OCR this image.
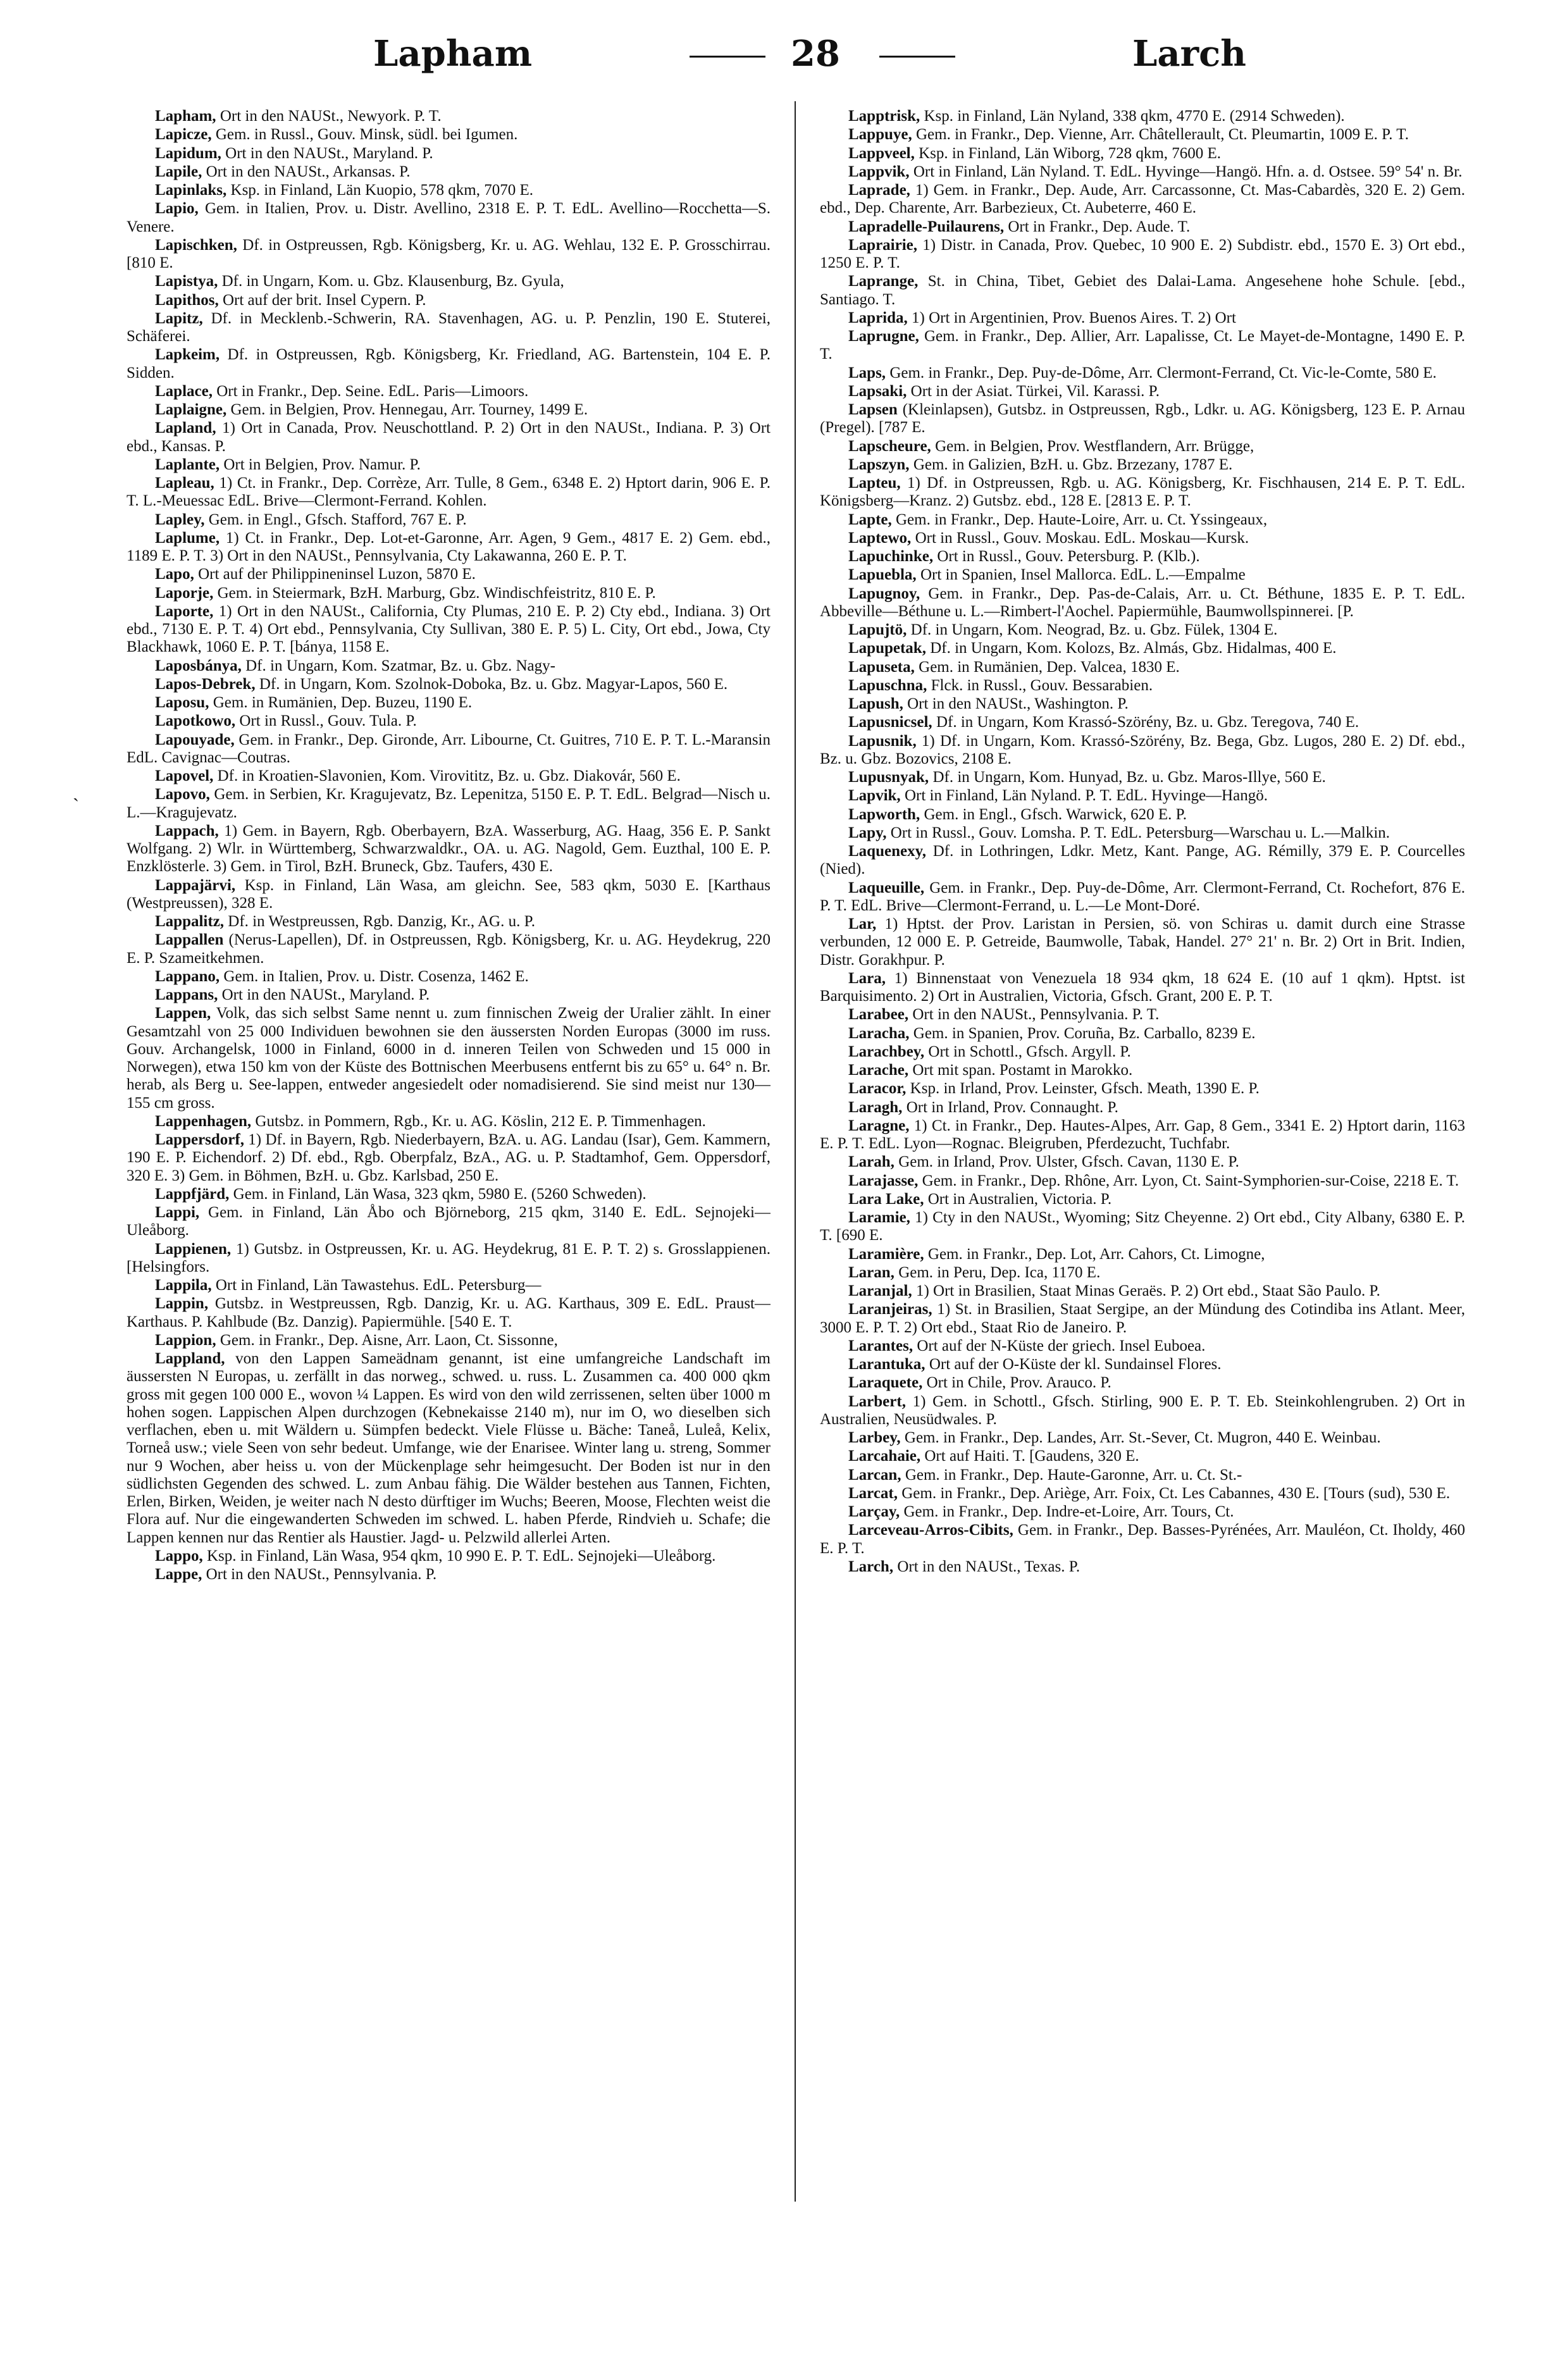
Lapham	28	Larch
ˎ

Lapham, Ort in den NAUSt., Newyork. P. T.

Lapicze, Gem. in Russl., Gouv. Minsk, südl. bei Igumen.

Lapidum, Ort in den NAUSt., Maryland. P.

Lapile, Ort in den NAUSt., Arkansas. P.

Lapinlaks, Ksp. in Finland, Län Kuopio, 578 qkm, 7070 E.

Lapio, Gem. in Italien, Prov. u. Distr. Avellino, 2318 E. P. T. EdL. Avellino—Rocchetta—S. Venere.

Lapischken, Df. in Ostpreussen, Rgb. Königsberg, Kr. u. AG. Wehlau, 132 E. P. Grosschirrau. [810 E.

Lapistya, Df. in Ungarn, Kom. u. Gbz. Klausenburg, Bz. Gyula,

Lapithos, Ort auf der brit. Insel Cypern. P.

Lapitz, Df. in Mecklenb.-Schwerin, RA. Stavenhagen, AG. u. P. Penzlin, 190 E. Stuterei, Schäferei.

Lapkeim, Df. in Ostpreussen, Rgb. Königsberg, Kr. Friedland, AG. Bartenstein, 104 E. P. Sidden.

Laplace, Ort in Frankr., Dep. Seine. EdL. Paris—Limoors.

Laplaigne, Gem. in Belgien, Prov. Hennegau, Arr. Tourney, 1499 E.

Lapland, 1) Ort in Canada, Prov. Neuschottland. P. 2) Ort in den NAUSt., Indiana. P. 3) Ort ebd., Kansas. P.

Laplante, Ort in Belgien, Prov. Namur. P.

Lapleau, 1) Ct. in Frankr., Dep. Corrèze, Arr. Tulle, 8 Gem., 6348 E. 2) Hptort darin, 906 E. P. T. L.-Meuessac EdL. Brive—Clermont-Ferrand. Kohlen.

Lapley, Gem. in Engl., Gfsch. Stafford, 767 E. P.

Laplume, 1) Ct. in Frankr., Dep. Lot-et-Garonne, Arr. Agen, 9 Gem., 4817 E. 2) Gem. ebd., 1189 E. P. T. 3) Ort in den NAUSt., Pennsylvania, Cty Lakawanna, 260 E. P. T.

Lapo, Ort auf der Philippineninsel Luzon, 5870 E.

Laporje, Gem. in Steiermark, BzH. Marburg, Gbz. Windischfeistritz, 810 E. P.

Laporte, 1) Ort in den NAUSt., California, Cty Plumas, 210 E. P. 2) Cty ebd., Indiana. 3) Ort ebd., 7130 E. P. T. 4) Ort ebd., Pennsylvania, Cty Sullivan, 380 E. P. 5) L. City, Ort ebd., Jowa, Cty Blackhawk, 1060 E. P. T. [bánya, 1158 E.

Laposbánya, Df. in Ungarn, Kom. Szatmar, Bz. u. Gbz. Nagy-

Lapos-Debrek, Df. in Ungarn, Kom. Szolnok-Doboka, Bz. u. Gbz. Magyar-Lapos, 560 E.

Laposu, Gem. in Rumänien, Dep. Buzeu, 1190 E.

Lapotkowo, Ort in Russl., Gouv. Tula. P.

Lapouyade, Gem. in Frankr., Dep. Gironde, Arr. Libourne, Ct. Guitres, 710 E. P. T. L.-Maransin EdL. Cavignac—Coutras.

Lapovel, Df. in Kroatien-Slavonien, Kom. Virovititz, Bz. u. Gbz. Diakovár, 560 E.

Lapovo, Gem. in Serbien, Kr. Kragujevatz, Bz. Lepenitza, 5150 E. P. T. EdL. Belgrad—Nisch u. L.—Kragujevatz.

Lappach, 1) Gem. in Bayern, Rgb. Oberbayern, BzA. Wasserburg, AG. Haag, 356 E. P. Sankt Wolfgang. 2) Wlr. in Württemberg, Schwarzwaldkr., OA. u. AG. Nagold, Gem. Euzthal, 100 E. P. Enzklösterle. 3) Gem. in Tirol, BzH. Bruneck, Gbz. Taufers, 430 E.

Lappajärvi, Ksp. in Finland, Län Wasa, am gleichn. See, 583 qkm, 5030 E. [Karthaus (Westpreussen), 328 E.

Lappalitz, Df. in Westpreussen, Rgb. Danzig, Kr., AG. u. P.

Lappallen (Nerus-Lapellen), Df. in Ostpreussen, Rgb. Königsberg, Kr. u. AG. Heydekrug, 220 E. P. Szameitkehmen.

Lappano, Gem. in Italien, Prov. u. Distr. Cosenza, 1462 E.

Lappans, Ort in den NAUSt., Maryland. P.

Lappen, Volk, das sich selbst Same nennt u. zum finnischen Zweig der Uralier zählt. In einer Gesamtzahl von 25 000 Individuen bewohnen sie den äussersten Norden Europas (3000 im russ. Gouv. Archangelsk, 1000 in Finland, 6000 in d. inneren Teilen von Schweden und 15 000 in Norwegen), etwa 150 km von der Küste des Bottnischen Meerbusens entfernt bis zu 65° u. 64° n. Br. herab, als Berg u. See-lappen, entweder angesiedelt oder nomadisierend. Sie sind meist nur 130—155 cm gross.

Lappenhagen, Gutsbz. in Pommern, Rgb., Kr. u. AG. Köslin, 212 E. P. Timmenhagen.

Lappersdorf, 1) Df. in Bayern, Rgb. Niederbayern, BzA. u. AG. Landau (Isar), Gem. Kammern, 190 E. P. Eichendorf. 2) Df. ebd., Rgb. Oberpfalz, BzA., AG. u. P. Stadtamhof, Gem. Oppersdorf, 320 E. 3) Gem. in Böhmen, BzH. u. Gbz. Karlsbad, 250 E.

Lappfjärd, Gem. in Finland, Län Wasa, 323 qkm, 5980 E. (5260 Schweden).

Lappi, Gem. in Finland, Län Åbo och Björneborg, 215 qkm, 3140 E. EdL. Sejnojeki—Uleåborg.

Lappienen, 1) Gutsbz. in Ostpreussen, Kr. u. AG. Heydekrug, 81 E. P. T. 2) s. Grosslappienen. [Helsingfors.

Lappila, Ort in Finland, Län Tawastehus. EdL. Petersburg—

Lappin, Gutsbz. in Westpreussen, Rgb. Danzig, Kr. u. AG. Karthaus, 309 E. EdL. Praust—Karthaus. P. Kahlbude (Bz. Danzig). Papiermühle. [540 E. T.

Lappion, Gem. in Frankr., Dep. Aisne, Arr. Laon, Ct. Sissonne,

Lappland, von den Lappen Sameädnam genannt, ist eine umfangreiche Landschaft im äussersten N Europas, u. zerfällt in das norweg., schwed. u. russ. L. Zusammen ca. 400 000 qkm gross mit gegen 100 000 E., wovon ¼ Lappen. Es wird von den wild zerrissenen, selten über 1000 m hohen sogen. Lappischen Alpen durchzogen (Kebnekaisse 2140 m), nur im O, wo dieselben sich verflachen, eben u. mit Wäldern u. Sümpfen bedeckt. Viele Flüsse u. Bäche: Taneå, Luleå, Kelix, Torneå usw.; viele Seen von sehr bedeut. Umfange, wie der Enarisee. Winter lang u. streng, Sommer nur 9 Wochen, aber heiss u. von der Mückenplage sehr heimgesucht. Der Boden ist nur in den südlichsten Gegenden des schwed. L. zum Anbau fähig. Die Wälder bestehen aus Tannen, Fichten, Erlen, Birken, Weiden, je weiter nach N desto dürftiger im Wuchs; Beeren, Moose, Flechten weist die Flora auf. Nur die eingewanderten Schweden im schwed. L. haben Pferde, Rindvieh u. Schafe; die Lappen kennen nur das Rentier als Haustier. Jagd- u. Pelzwild allerlei Arten.

Lappo, Ksp. in Finland, Län Wasa, 954 qkm, 10 990 E. P. T. EdL. Sejnojeki—Uleåborg.

Lappe, Ort in den NAUSt., Pennsylvania. P.

Lapptrisk, Ksp. in Finland, Län Nyland, 338 qkm, 4770 E. (2914 Schweden).

Lappuye, Gem. in Frankr., Dep. Vienne, Arr. Châtellerault, Ct. Pleumartin, 1009 E. P. T.

Lappveel, Ksp. in Finland, Län Wiborg, 728 qkm, 7600 E.

Lappvik, Ort in Finland, Län Nyland. T. EdL. Hyvinge—Hangö. Hfn. a. d. Ostsee. 59° 54' n. Br.

Laprade, 1) Gem. in Frankr., Dep. Aude, Arr. Carcassonne, Ct. Mas-Cabardès, 320 E. 2) Gem. ebd., Dep. Charente, Arr. Barbezieux, Ct. Aubeterre, 460 E.

Lapradelle-Puilaurens, Ort in Frankr., Dep. Aude. T.

Laprairie, 1) Distr. in Canada, Prov. Quebec, 10 900 E. 2) Subdistr. ebd., 1570 E. 3) Ort ebd., 1250 E. P. T.

Laprange, St. in China, Tibet, Gebiet des Dalai-Lama. Angesehene hohe Schule. [ebd., Santiago. T.

Laprida, 1) Ort in Argentinien, Prov. Buenos Aires. T. 2) Ort

Laprugne, Gem. in Frankr., Dep. Allier, Arr. Lapalisse, Ct. Le Mayet-de-Montagne, 1490 E. P. T.

Laps, Gem. in Frankr., Dep. Puy-de-Dôme, Arr. Clermont-Ferrand, Ct. Vic-le-Comte, 580 E.

Lapsaki, Ort in der Asiat. Türkei, Vil. Karassi. P.

Lapsen (Kleinlapsen), Gutsbz. in Ostpreussen, Rgb., Ldkr. u. AG. Königsberg, 123 E. P. Arnau (Pregel). [787 E.

Lapscheure, Gem. in Belgien, Prov. Westflandern, Arr. Brügge,

Lapszyn, Gem. in Galizien, BzH. u. Gbz. Brzezany, 1787 E.

Lapteu, 1) Df. in Ostpreussen, Rgb. u. AG. Königsberg, Kr. Fischhausen, 214 E. P. T. EdL. Königsberg—Kranz. 2) Gutsbz. ebd., 128 E. [2813 E. P. T.

Lapte, Gem. in Frankr., Dep. Haute-Loire, Arr. u. Ct. Yssingeaux,

Laptewo, Ort in Russl., Gouv. Moskau. EdL. Moskau—Kursk.

Lapuchinke, Ort in Russl., Gouv. Petersburg. P. (Klb.).

Lapuebla, Ort in Spanien, Insel Mallorca. EdL. L.—Empalme

Lapugnoy, Gem. in Frankr., Dep. Pas-de-Calais, Arr. u. Ct. Béthune, 1835 E. P. T. EdL. Abbeville—Béthune u. L.—Rimbert-l'Aochel. Papiermühle, Baumwollspinnerei. [P.

Lapujtö, Df. in Ungarn, Kom. Neograd, Bz. u. Gbz. Fülek, 1304 E.

Lapupetak, Df. in Ungarn, Kom. Kolozs, Bz. Almás, Gbz. Hidalmas, 400 E.

Lapuseta, Gem. in Rumänien, Dep. Valcea, 1830 E.

Lapuschna, Flck. in Russl., Gouv. Bessarabien.

Lapush, Ort in den NAUSt., Washington. P.

Lapusnicsel, Df. in Ungarn, Kom Krassó-Szörény, Bz. u. Gbz. Teregova, 740 E.

Lapusnik, 1) Df. in Ungarn, Kom. Krassó-Szörény, Bz. Bega, Gbz. Lugos, 280 E. 2) Df. ebd., Bz. u. Gbz. Bozovics, 2108 E.

Lupusnyak, Df. in Ungarn, Kom. Hunyad, Bz. u. Gbz. Maros-Illye, 560 E.

Lapvik, Ort in Finland, Län Nyland. P. T. EdL. Hyvinge—Hangö.

Lapworth, Gem. in Engl., Gfsch. Warwick, 620 E. P.

Lapy, Ort in Russl., Gouv. Lomsha. P. T. EdL. Petersburg—Warschau u. L.—Malkin.

Laquenexy, Df. in Lothringen, Ldkr. Metz, Kant. Pange, AG. Rémilly, 379 E. P. Courcelles (Nied).

Laqueuille, Gem. in Frankr., Dep. Puy-de-Dôme, Arr. Clermont-Ferrand, Ct. Rochefort, 876 E. P. T. EdL. Brive—Clermont-Ferrand, u. L.—Le Mont-Doré.

Lar, 1) Hptst. der Prov. Laristan in Persien, sö. von Schiras u. damit durch eine Strasse verbunden, 12 000 E. P. Getreide, Baumwolle, Tabak, Handel. 27° 21' n. Br. 2) Ort in Brit. Indien, Distr. Gorakhpur. P.

Lara, 1) Binnenstaat von Venezuela 18 934 qkm, 18 624 E. (10 auf 1 qkm). Hptst. ist Barquisimento. 2) Ort in Australien, Victoria, Gfsch. Grant, 200 E. P. T.

Larabee, Ort in den NAUSt., Pennsylvania. P. T.

Laracha, Gem. in Spanien, Prov. Coruña, Bz. Carballo, 8239 E.

Larachbey, Ort in Schottl., Gfsch. Argyll. P.

Larache, Ort mit span. Postamt in Marokko.

Laracor, Ksp. in Irland, Prov. Leinster, Gfsch. Meath, 1390 E. P.

Laragh, Ort in Irland, Prov. Connaught. P.

Laragne, 1) Ct. in Frankr., Dep. Hautes-Alpes, Arr. Gap, 8 Gem., 3341 E. 2) Hptort darin, 1163 E. P. T. EdL. Lyon—Rognac. Bleigruben, Pferdezucht, Tuchfabr.

Larah, Gem. in Irland, Prov. Ulster, Gfsch. Cavan, 1130 E. P.

Larajasse, Gem. in Frankr., Dep. Rhône, Arr. Lyon, Ct. Saint-Symphorien-sur-Coise, 2218 E. T.

Lara Lake, Ort in Australien, Victoria. P.

Laramie, 1) Cty in den NAUSt., Wyoming; Sitz Cheyenne. 2) Ort ebd., City Albany, 6380 E. P. T. [690 E.

Laramière, Gem. in Frankr., Dep. Lot, Arr. Cahors, Ct. Limogne,

Laran, Gem. in Peru, Dep. Ica, 1170 E.

Laranjal, 1) Ort in Brasilien, Staat Minas Geraës. P. 2) Ort ebd., Staat São Paulo. P.

Laranjeiras, 1) St. in Brasilien, Staat Sergipe, an der Mündung des Cotindiba ins Atlant. Meer, 3000 E. P. T. 2) Ort ebd., Staat Rio de Janeiro. P.

Larantes, Ort auf der N-Küste der griech. Insel Euboea.

Larantuka, Ort auf der O-Küste der kl. Sundainsel Flores.

Laraquete, Ort in Chile, Prov. Arauco. P.

Larbert, 1) Gem. in Schottl., Gfsch. Stirling, 900 E. P. T. Eb. Steinkohlengruben. 2) Ort in Australien, Neusüdwales. P.

Larbey, Gem. in Frankr., Dep. Landes, Arr. St.-Sever, Ct. Mugron, 440 E. Weinbau.

Larcahaie, Ort auf Haiti. T. [Gaudens, 320 E.

Larcan, Gem. in Frankr., Dep. Haute-Garonne, Arr. u. Ct. St.-

Larcat, Gem. in Frankr., Dep. Ariège, Arr. Foix, Ct. Les Cabannes, 430 E. [Tours (sud), 530 E.

Larçay, Gem. in Frankr., Dep. Indre-et-Loire, Arr. Tours, Ct.

Larceveau-Arros-Cibits, Gem. in Frankr., Dep. Basses-Pyrénées, Arr. Mauléon, Ct. Iholdy, 460 E. P. T.

Larch, Ort in den NAUSt., Texas. P.
